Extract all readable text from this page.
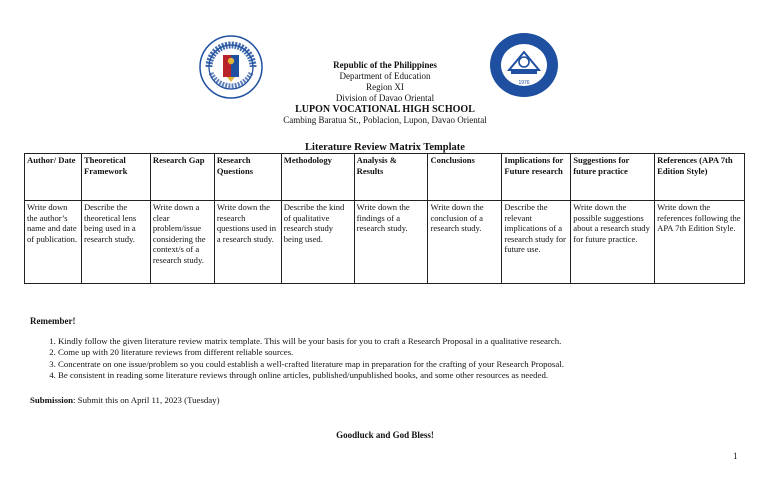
1976
Republic of the Philippines
Department of Education
Region XI
Division of Davao Oriental
LUPON VOCATIONAL HIGH SCHOOL
Cambing Baratua St., Poblacion, Lupon, Davao Oriental
Literature Review Matrix Template
Author/ Date	Theoretical Framework	Research Gap	Research Questions	Methodology	Analysis & Results	Conclusions	Implications for Future research	Suggestions for future practice	References (APA 7th Edition Style)
Write down the author’s name and date of publication.	Describe the theoretical lens being used in a research study.	Write down a clear problem/issue considering the context/s of a research study.	Write down the research questions used in a research study.	Describe the kind of qualitative research study being used.	Write down the findings of a research study.	Write down the conclusion of a research study.	Describe the relevant implications of a research study for future use.	Write down the possible suggestions about a research study for future practice.	Write down the references following the APA 7th Edition Style.
Remember!
1. Kindly follow the given literature review matrix template. This will be your basis for you to craft a Research Proposal in a qualitative research.
2. Come up with 20 literature reviews from different reliable sources.
3. Concentrate on one issue/problem so you could establish a well-crafted literature map in preparation for the crafting of your Research Proposal.
4. Be consistent in reading some literature reviews through online articles, published/unpublished books, and some other resources as needed.
Submission: Submit this on April 11, 2023 (Tuesday)
Goodluck and God Bless!
1
